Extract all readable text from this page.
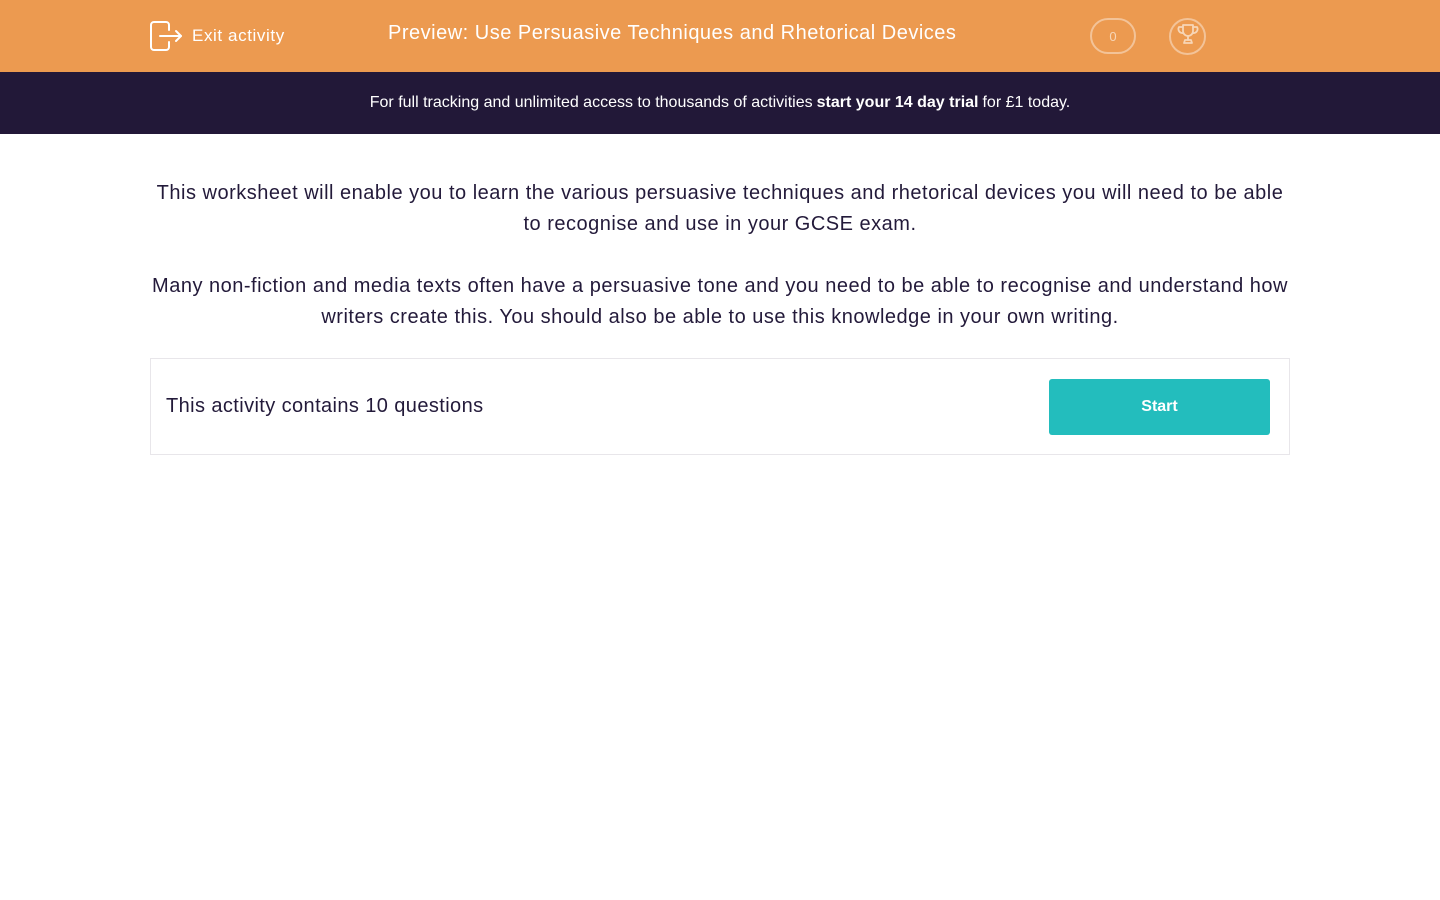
Exit activity	Preview: Use Persuasive Techniques and Rhetorical Devices	0
For full tracking and unlimited access to thousands of activities start your 14 day trial for £1 today.

This worksheet will enable you to learn the various persuasive techniques and rhetorical devices you will need to be able to recognise and use in your GCSE exam.

Many non-fiction and media texts often have a persuasive tone and you need to be able to recognise and understand how writers create this. You should also be able to use this knowledge in your own writing.

This activity contains 10 questions	Start
